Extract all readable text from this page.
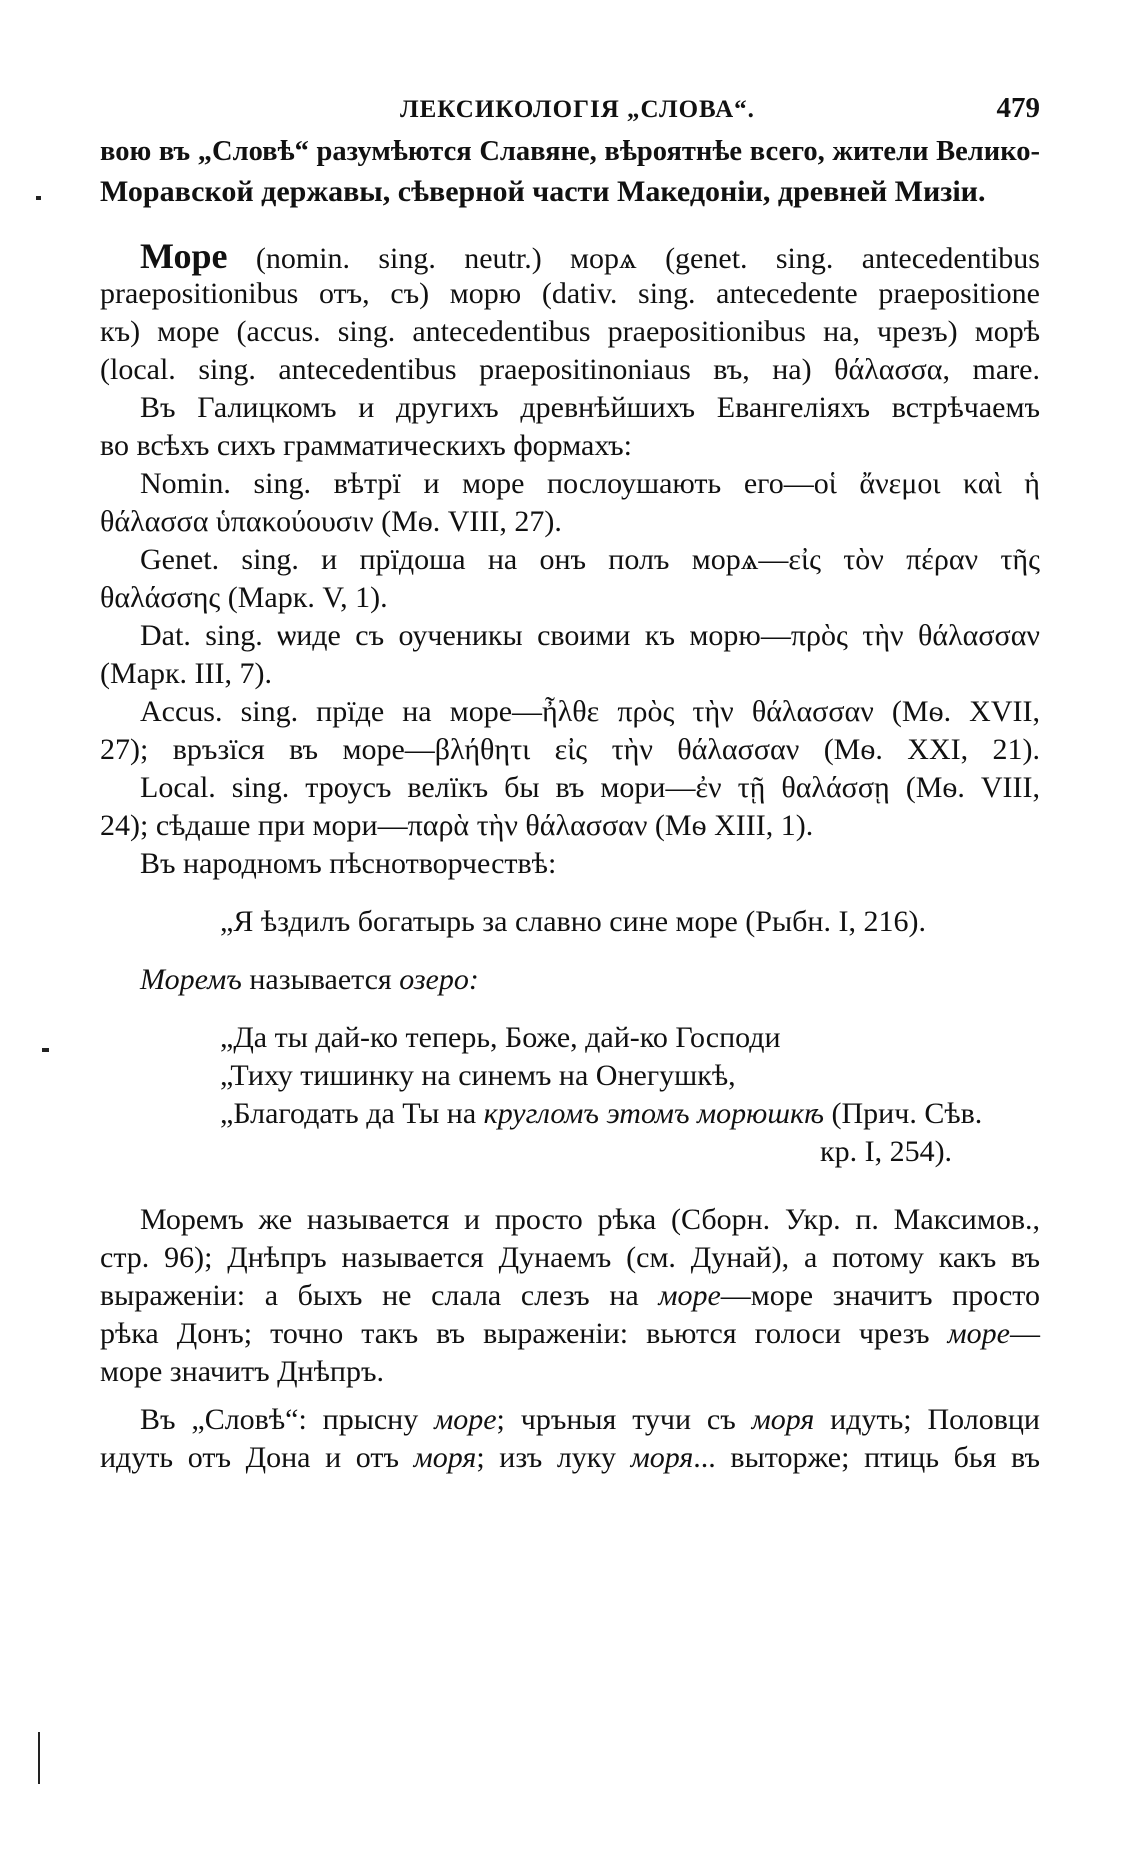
ЛЕКСИКОЛОГІЯ „СЛОВА“.	479
вою въ „Словѣ“ разумѣются Славяне, вѣроятнѣе всего, жители Велико-
Моравской державы, сѣверной части Македоніи, древней Мизіи.
Море (nomin. sing. neutr.) морѧ (genet. sing. antecedentibus
praepositionibus отъ, съ) морю (dativ. sing. antecedente praepositione
къ) море (accus. sing. antecedentibus praepositionibus на, чрезъ) морѣ
(local. sing. antecedentibus praepositinoniaus въ, на) θάλασσα, mare.
Въ Галицкомъ и другихъ древнѣйшихъ Евангеліяхъ встрѣчаемъ
во всѣхъ сихъ грамматическихъ формахъ:
Nomin. sing. вѣтрї и море послоушають его—οἱ ἄνεμοι καὶ ἡ
θάλασσα ὑπακούουσιν (Мѳ. VIII, 27).
Genet. sing. и прїдоша на онъ полъ морѧ—εἰς τὸν πέραν τῆς
θαλάσσης (Марк. V, 1).
Dat. sing. ѡиде съ оученикы своими къ морю—πρὸς τὴν θάλασσαν
(Марк. III, 7).
Accus. sing. прїде на море—ἦλθε πρὸς τὴν θάλασσαν (Мѳ. XVII,
27); връзїся въ море—βλήθητι εἰς τὴν θάλασσαν (Мѳ. XXI, 21).
Local. sing. троусъ велїкъ бы въ мори—ἐν τῇ θαλάσσῃ (Мѳ. VIII,
24); сѣдаше при мори—παρὰ τὴν θάλασσαν (Мѳ XIII, 1).
Въ народномъ пѣснотворчествѣ:
„Я ѣздилъ богатырь за славно сине море (Рыбн. I, 216).
Моремъ называется озеро:
„Да ты дай-ко теперь, Боже, дай-ко Господи
„Тиху тишинку на синемъ на Онегушкѣ,
„Благодать да Ты на кругломъ этомъ морюшкѣ (Прич. Сѣв.
кр. I, 254).
Моремъ же называется и просто рѣка (Сборн. Укр. п. Максимов.,
стр. 96); Днѣпръ называется Дунаемъ (см. Дунай), а потому какъ въ
выраженіи: а быхъ не слала слезъ на море—море значитъ просто
рѣка Донъ; точно такъ въ выраженіи: вьются голоси чрезъ море—
море значитъ Днѣпръ.
Въ „Словѣ“: прысну море; чръныя тучи съ моря идуть; Половци
идуть отъ Дона и отъ моря; изъ луку моря... выторже; птиць бья въ
